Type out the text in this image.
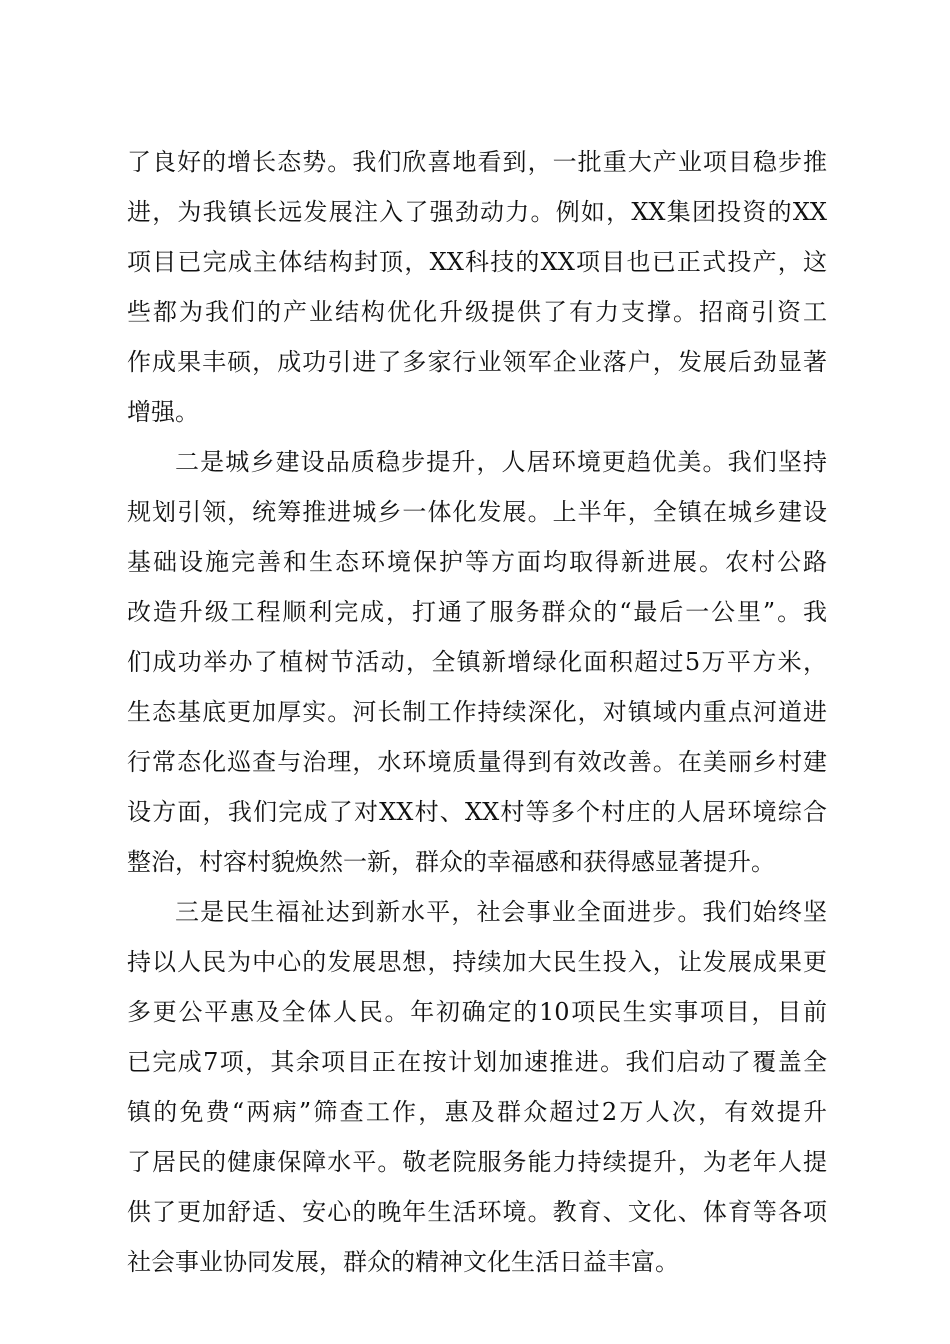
了良好的增长态势。我们欣喜地看到，一批重大产业项目稳步推
进，为我镇长远发展注入了强劲动力。例如，XX集团投资的XX
项目已完成主体结构封顶，XX科技的XX项目也已正式投产，这
些都为我们的产业结构优化升级提供了有力支撑。招商引资工
作成果丰硕，成功引进了多家行业领军企业落户，发展后劲显著
增强。
二是城乡建设品质稳步提升，人居环境更趋优美。我们坚持
规划引领，统筹推进城乡一体化发展。上半年，全镇在城乡建设
基础设施完善和生态环境保护等方面均取得新进展。农村公路
改造升级工程顺利完成，打通了服务群众的“最后一公里”。我
们成功举办了植树节活动，全镇新增绿化面积超过5万平方米，
生态基底更加厚实。河长制工作持续深化，对镇域内重点河道进
行常态化巡查与治理，水环境质量得到有效改善。在美丽乡村建
设方面，我们完成了对XX村、XX村等多个村庄的人居环境综合
整治，村容村貌焕然一新，群众的幸福感和获得感显著提升。
三是民生福祉达到新水平，社会事业全面进步。我们始终坚
持以人民为中心的发展思想，持续加大民生投入，让发展成果更
多更公平惠及全体人民。年初确定的10项民生实事项目，目前
已完成7项，其余项目正在按计划加速推进。我们启动了覆盖全
镇的免费“两病”筛查工作，惠及群众超过2万人次，有效提升
了居民的健康保障水平。敬老院服务能力持续提升，为老年人提
供了更加舒适、安心的晚年生活环境。教育、文化、体育等各项
社会事业协同发展，群众的精神文化生活日益丰富。
